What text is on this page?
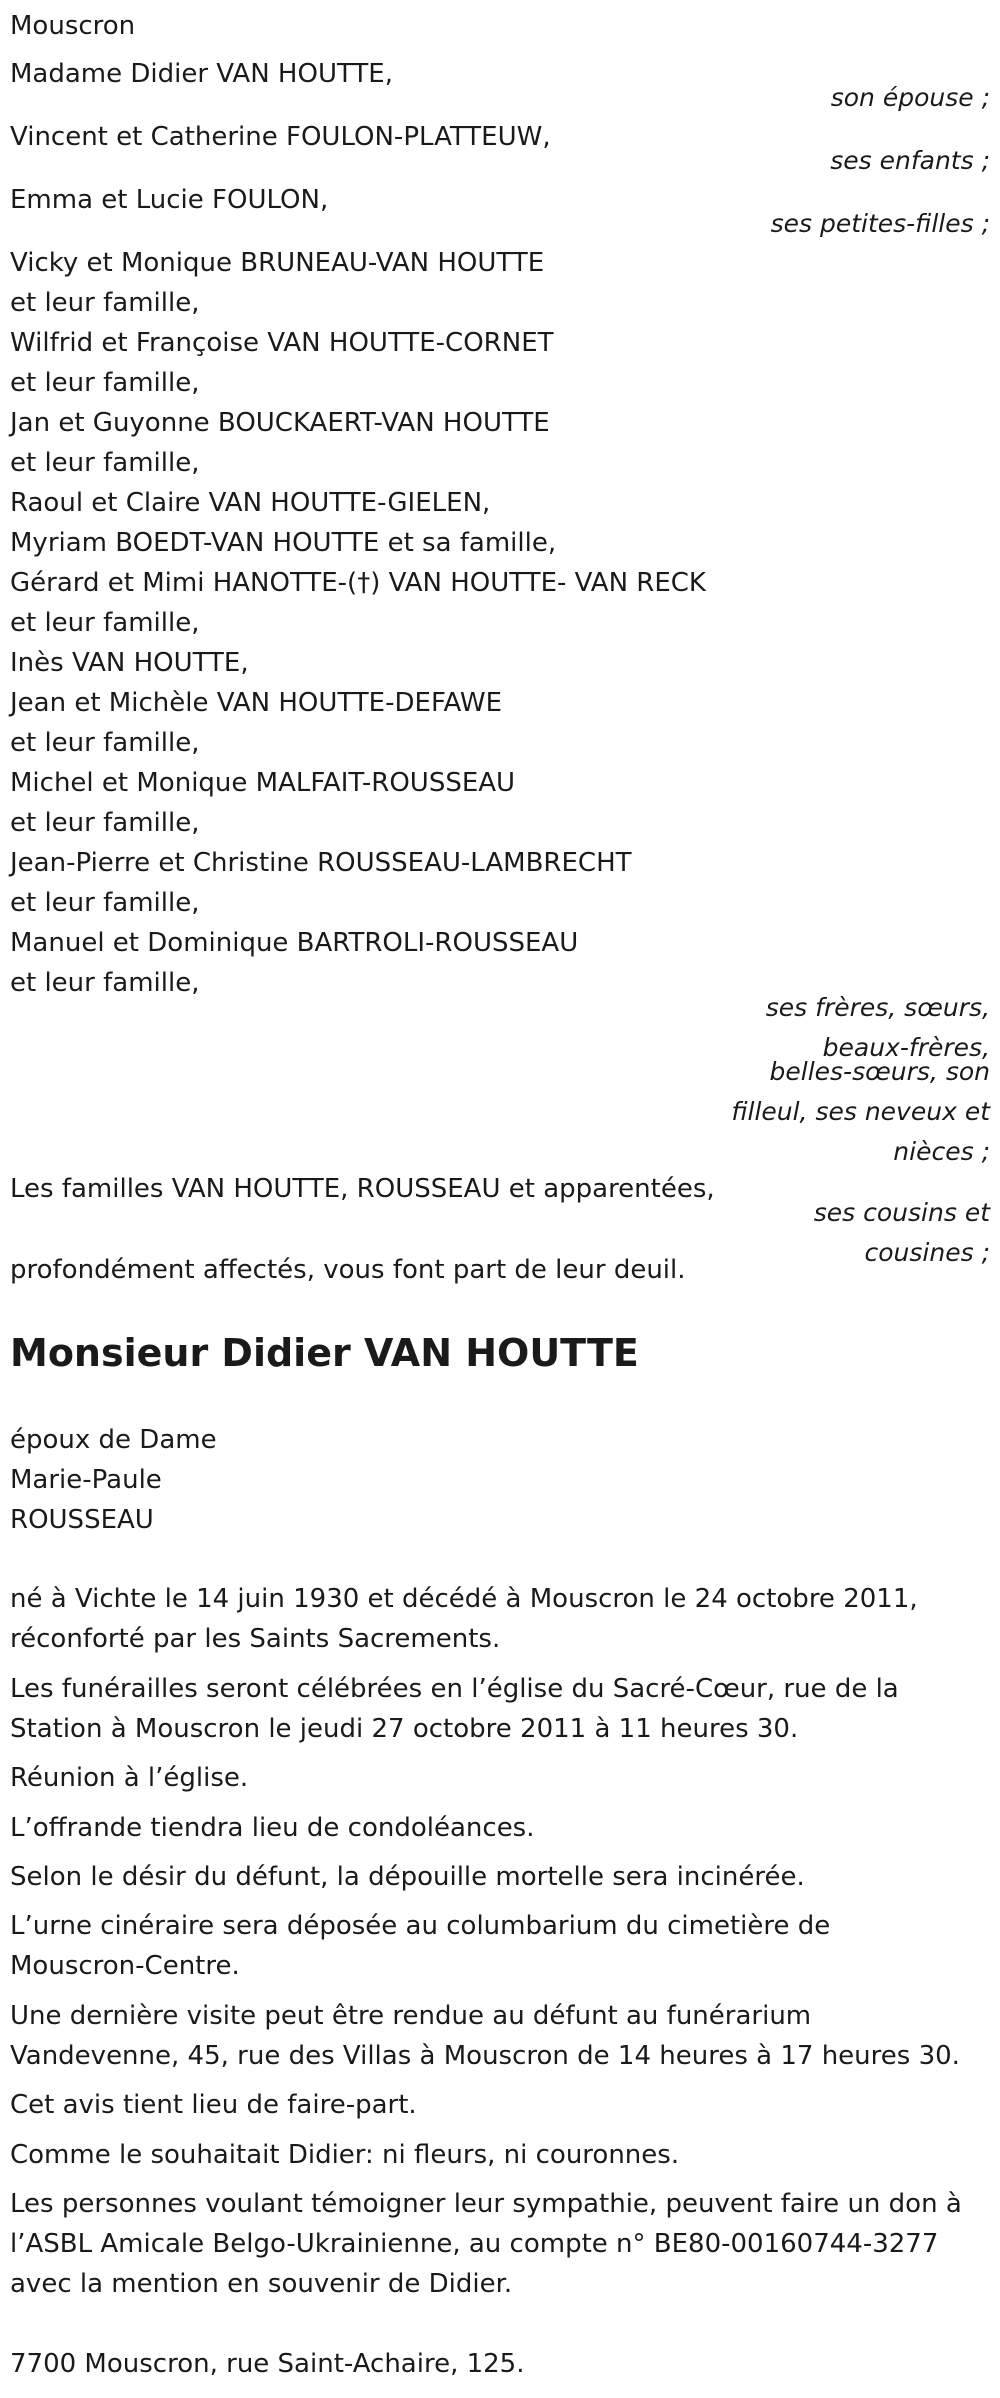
Mouscron
Madame Didier VAN HOUTTE,
son épouse ;
Vincent et Catherine FOULON-PLATTEUW,
ses enfants ;
Emma et Lucie FOULON,
ses petites-filles ;
Vicky et Monique BRUNEAU-VAN HOUTTE
et leur famille,
Wilfrid et Françoise VAN HOUTTE-CORNET
et leur famille,
Jan et Guyonne BOUCKAERT-VAN HOUTTE
et leur famille,
Raoul et Claire VAN HOUTTE-GIELEN,
Myriam BOEDT-VAN HOUTTE et sa famille,
Gérard et Mimi HANOTTE-(†) VAN HOUTTE- VAN RECK
et leur famille,
Inès VAN HOUTTE,
Jean et Michèle VAN HOUTTE-DEFAWE
et leur famille,
Michel et Monique MALFAIT-ROUSSEAU
et leur famille,
Jean-Pierre et Christine ROUSSEAU-LAMBRECHT
et leur famille,
Manuel et Dominique BARTROLI-ROUSSEAU
et leur famille,
ses frères, sœurs,
beaux-frères,
belles-sœurs, son
filleul, ses neveux et
nièces ;
Les familles VAN HOUTTE, ROUSSEAU et apparentées,
ses cousins et
cousines ;
profondément affectés, vous font part de leur deuil.
Monsieur Didier VAN HOUTTE
époux de Dame
Marie-Paule
ROUSSEAU
né à Vichte le 14 juin 1930 et décédé à Mouscron le 24 octobre 2011,
réconforté par les Saints Sacrements.
Les funérailles seront célébrées en l’église du Sacré-Cœur, rue de la
Station à Mouscron le jeudi 27 octobre 2011 à 11 heures 30.
Réunion à l’église.
L’offrande tiendra lieu de condoléances.
Selon le désir du défunt, la dépouille mortelle sera incinérée.
L’urne cinéraire sera déposée au columbarium du cimetière de
Mouscron-Centre.
Une dernière visite peut être rendue au défunt au funérarium
Vandevenne, 45, rue des Villas à Mouscron de 14 heures à 17 heures 30.
Cet avis tient lieu de faire-part.
Comme le souhaitait Didier: ni fleurs, ni couronnes.
Les personnes voulant témoigner leur sympathie, peuvent faire un don à
l’ASBL Amicale Belgo-Ukrainienne, au compte n° BE80-00160744-3277
avec la mention en souvenir de Didier.
7700 Mouscron, rue Saint-Achaire, 125.
